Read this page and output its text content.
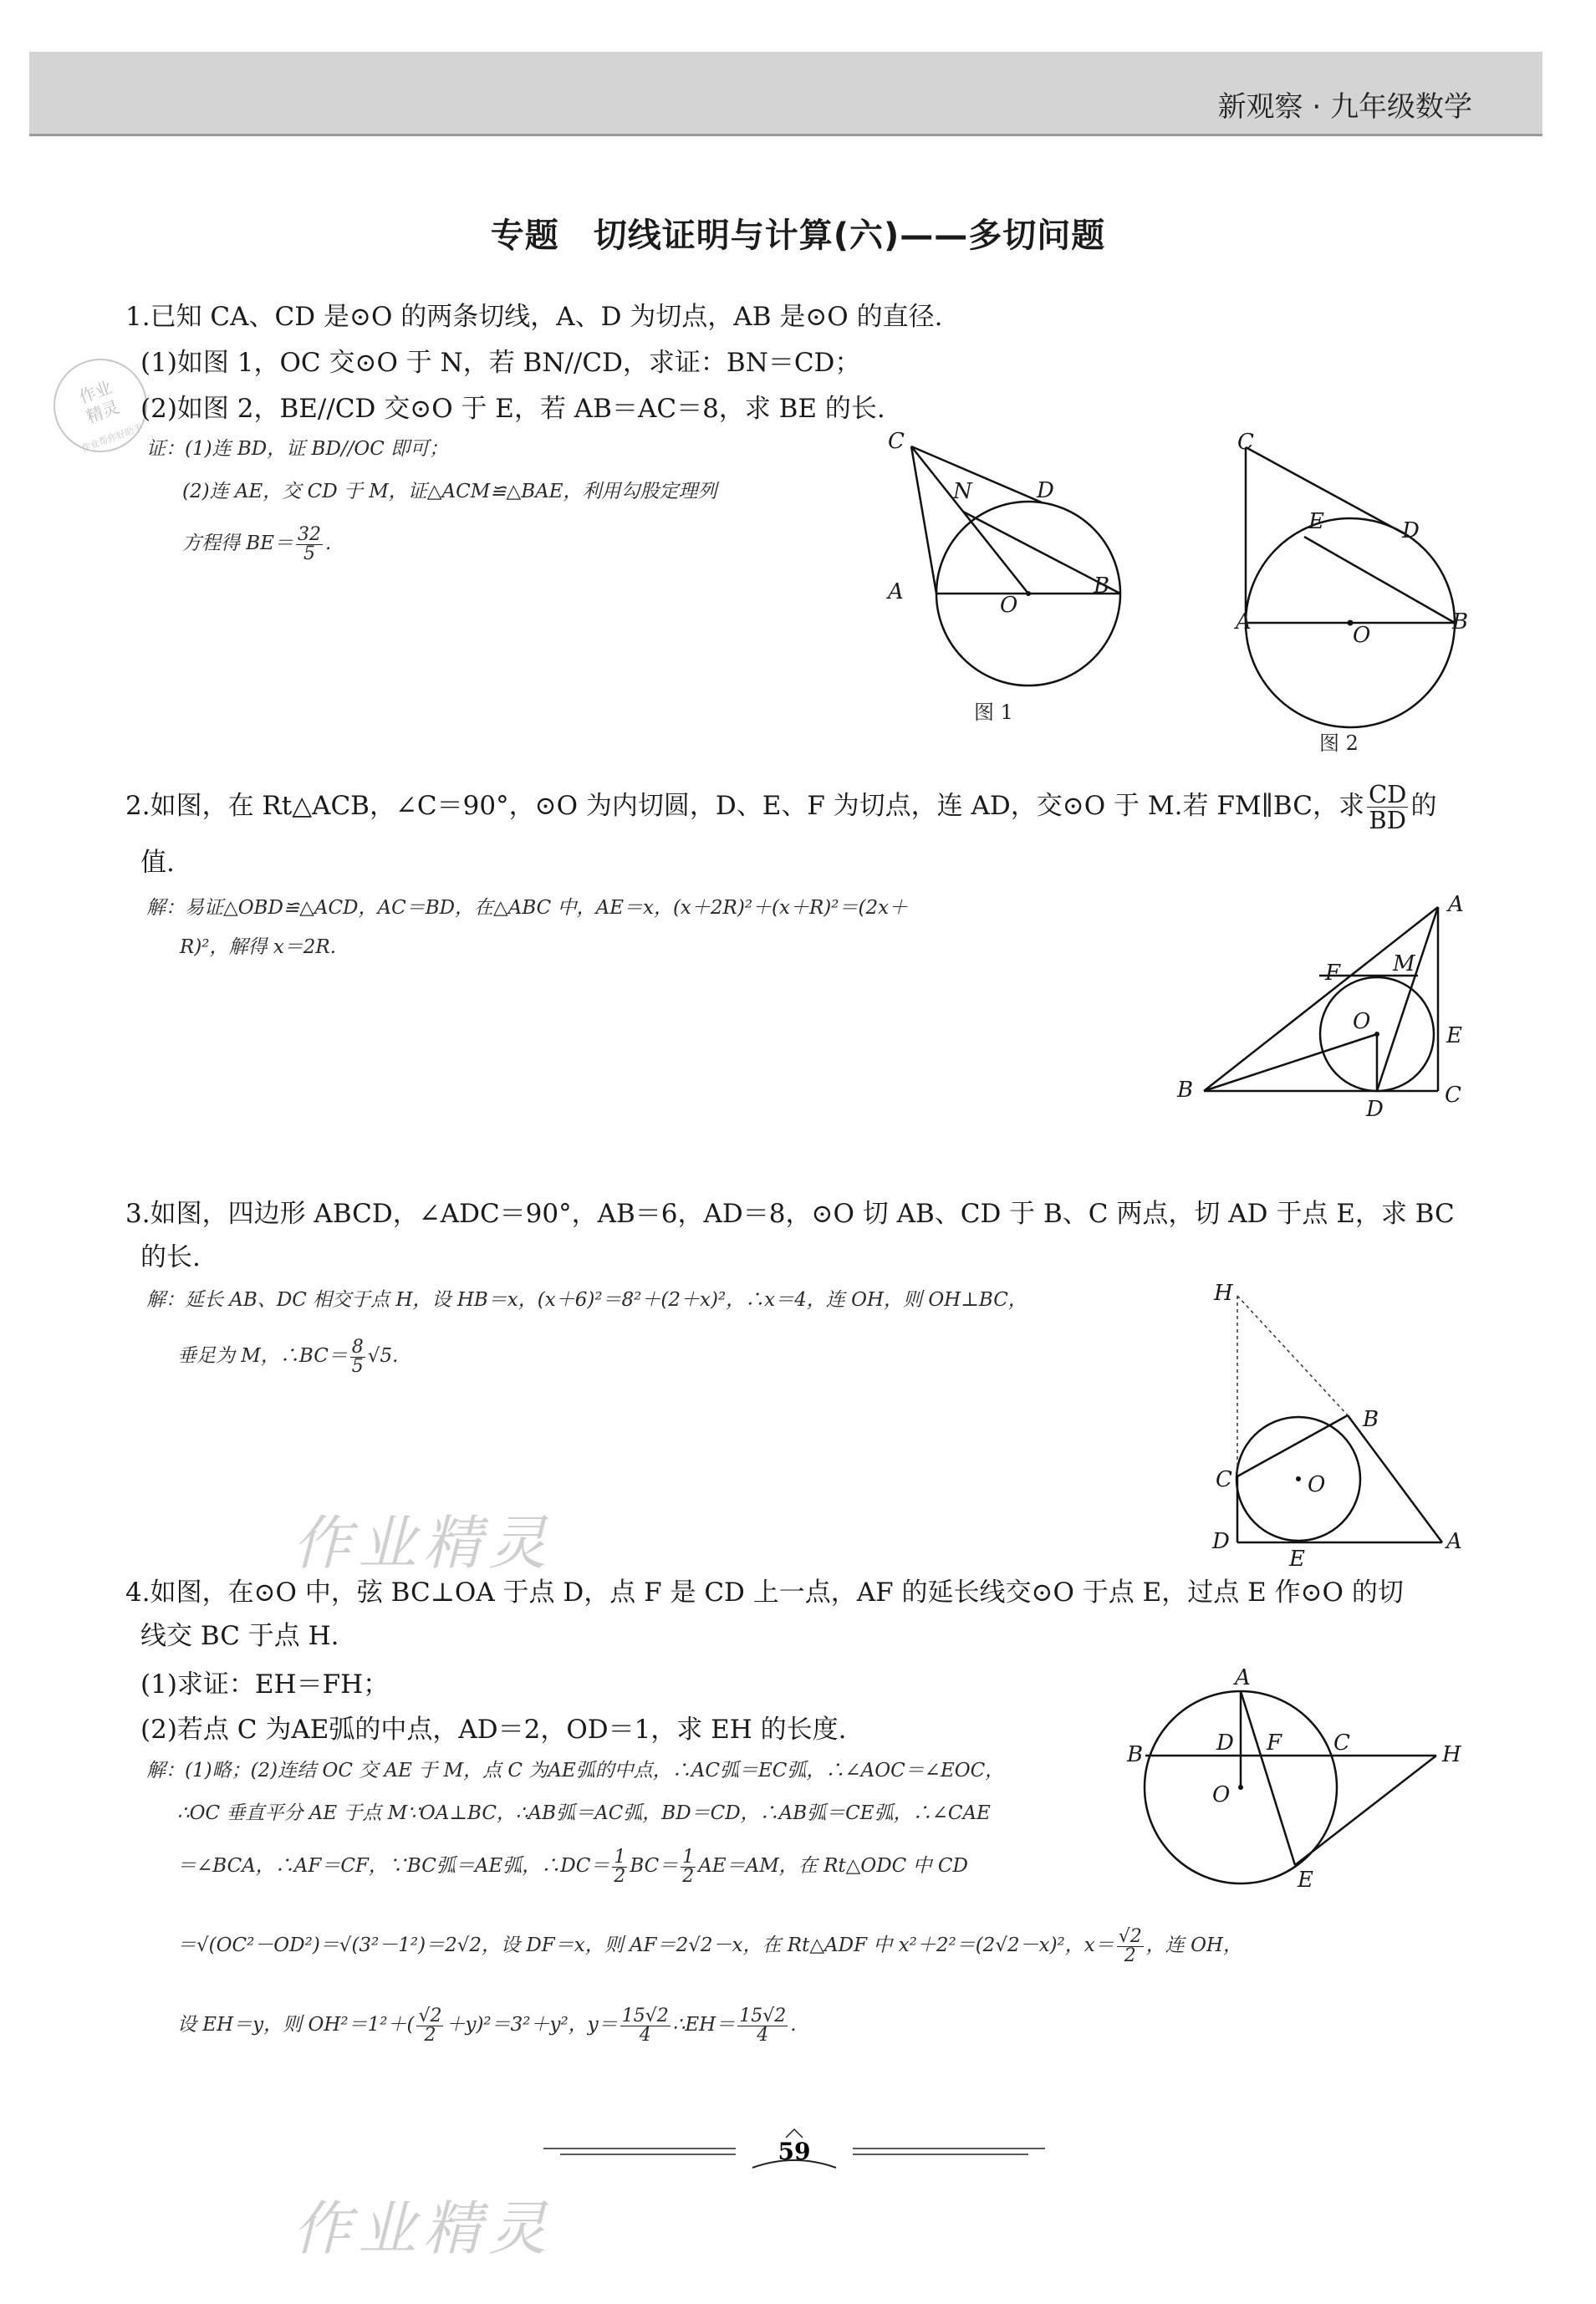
新观察 · 九年级数学
专题　切线证明与计算(六)——多切问题
作业
精灵
作业帮你好助手
1.已知 CA、CD 是⊙O 的两条切线，A、D 为切点，AB 是⊙O 的直径.
(1)如图 1，OC 交⊙O 于 N，若 BN//CD，求证：BN＝CD；
(2)如图 2，BE//CD 交⊙O 于 E，若 AB＝AC＝8，求 BE 的长.
证：(1)连 BD，证 BD//OC 即可；
(2)连 AE，交 CD 于 M，证△ACM≌△BAE，利用勾股定理列
方程得 $BE= \frac{32}{5}$ .
C
N	D
A
O
B
图 1
C
E	D
A
O
B
图 2
2.如图，在 Rt△ACB，∠C＝90°，⊙O 为内切圆，D、E、F 为切点，连 AD，交⊙O 于 M.若 FM∥BC，求 $\frac{CD}{BD}$ 的
值.
解：易证△OBD≌△ACD，AC＝BD，在△ABC 中，AE＝x，(x＋2R)²＋(x＋R)²＝(2x＋
R)²，解得 x＝2R.
A
F M
O
E
B
D
C
3.如图，四边形 ABCD，∠ADC＝90°，AB＝6，AD＝8，⊙O 切 AB、CD 于 B、C 两点，切 AD 于点 E，求 BC
的长.
解：延长 AB、DC 相交于点 H，设 HB＝x，(x＋6)²＝8²＋(2＋x)²，∴x＝4，连 OH，则 OH⊥BC，
垂足为 M，∴BC＝ $\frac{8}{5} √5$.
H
B
C	O
D
E
A
作业精灵
4.如图，在⊙O 中，弦 BC⊥OA 于点 D，点 F 是 CD 上一点，AF 的延长线交⊙O 于点 E，过点 E 作⊙O 的切
线交 BC 于点 H.
(1)求证：EH＝FH；
(2)若点 C 为AE弧的中点，AD＝2，OD＝1，求 EH 的长度.
解：(1)略；(2)连结 OC 交 AE 于 M，点 C 为AE弧的中点，∴AC弧＝EC弧，∴∠AOC＝∠EOC，
∴OC 垂直平分 AE 于点 M∵OA⊥BC，∴AB弧＝AC弧，BD＝CD，∴AB弧＝CE弧，∴∠CAE
＝∠BCA，∴AF＝CF，∵BC弧＝AE弧，∴DC＝ $\frac{1}{2} BC= \frac{1}{2} AE=AM$，在 Rt△ODC 中 CD
＝√(OC²－OD²)＝√(3²－1²)＝2√2，设 DF＝x，则 AF＝2√2－x，在 Rt△ADF 中 x²＋2²＝(2√2－x)²，$x= \frac{√2}{2}$ ，连 OH，
设 EH＝y，则 $OH^2=1^2+( \frac{√2}{2} +y)^2=3^2+y^2$，$y= \frac{15√2}{4}$ ∴EH＝ $\frac{15√2}{4}$ .
A
B	D F C	H
O
E
59
作业精灵
